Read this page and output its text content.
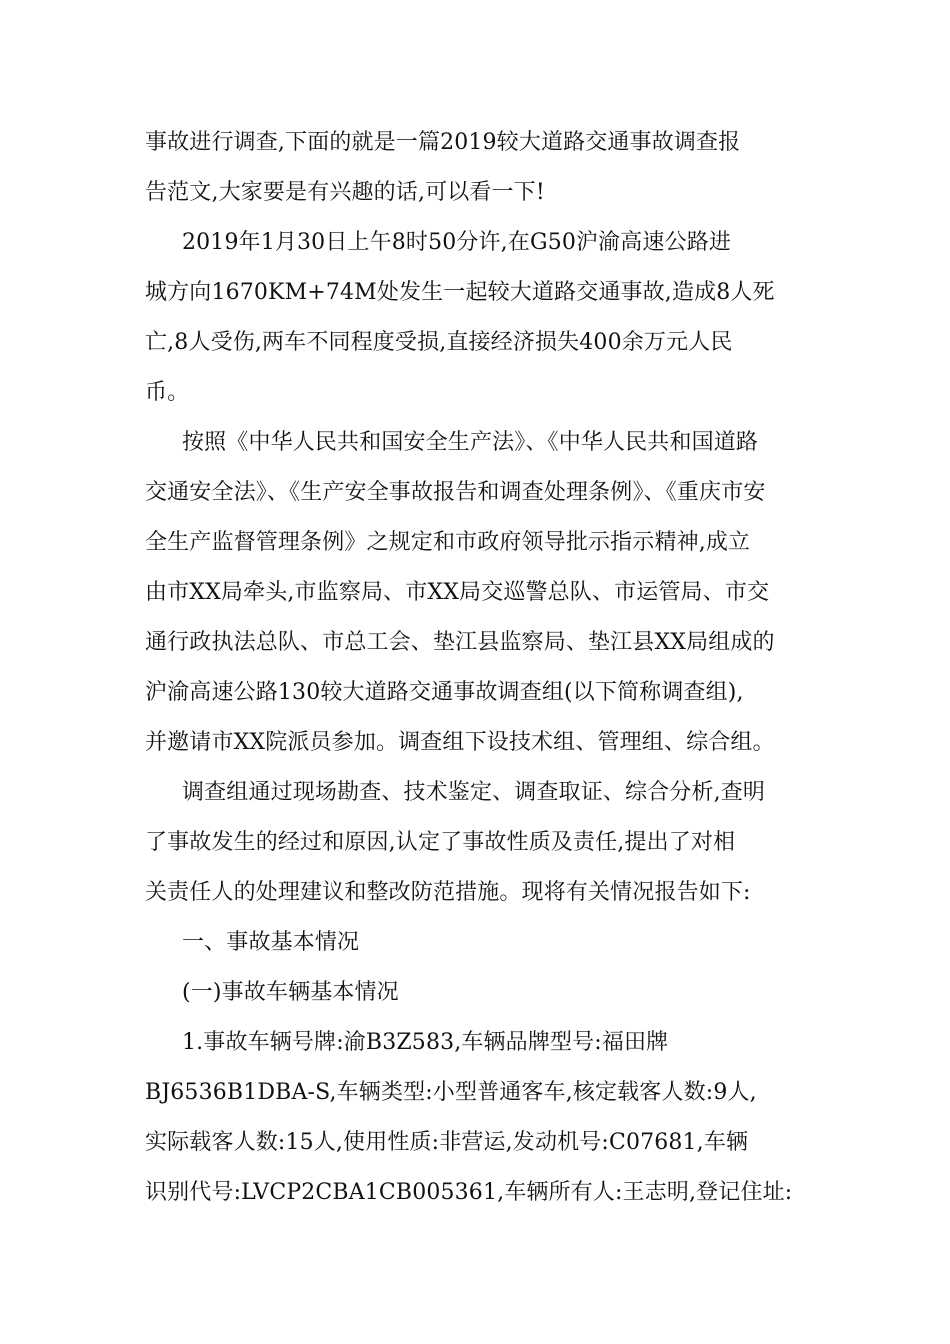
事故进行调查,下面的就是一篇2019较大道路交通事故调查报
告范文,大家要是有兴趣的话,可以看一下!
2019年1月30日上午8时50分许,在G50沪渝高速公路进
城方向1670KM+74M处发生一起较大道路交通事故,造成8人死
亡,8人受伤,两车不同程度受损,直接经济损失400余万元人民
币。
按照《中华人民共和国安全生产法》、《中华人民共和国道路
交通安全法》、《生产安全事故报告和调查处理条例》、《重庆市安
全生产监督管理条例》之规定和市政府领导批示指示精神,成立
由市XX局牵头,市监察局、市XX局交巡警总队、市运管局、市交
通行政执法总队、市总工会、垫江县监察局、垫江县XX局组成的
沪渝高速公路130较大道路交通事故调查组(以下简称调查组),
并邀请市XX院派员参加。调查组下设技术组、管理组、综合组。
调查组通过现场勘查、技术鉴定、调查取证、综合分析,查明
了事故发生的经过和原因,认定了事故性质及责任,提出了对相
关责任人的处理建议和整改防范措施。现将有关情况报告如下:
一、事故基本情况
(一)事故车辆基本情况
1.事故车辆号牌:渝B3Z583,车辆品牌型号:福田牌
BJ6536B1DBA-S,车辆类型:小型普通客车,核定载客人数:9人,
实际载客人数:15人,使用性质:非营运,发动机号:C07681,车辆
识别代号:LVCP2CBA1CB005361,车辆所有人:王志明,登记住址:
